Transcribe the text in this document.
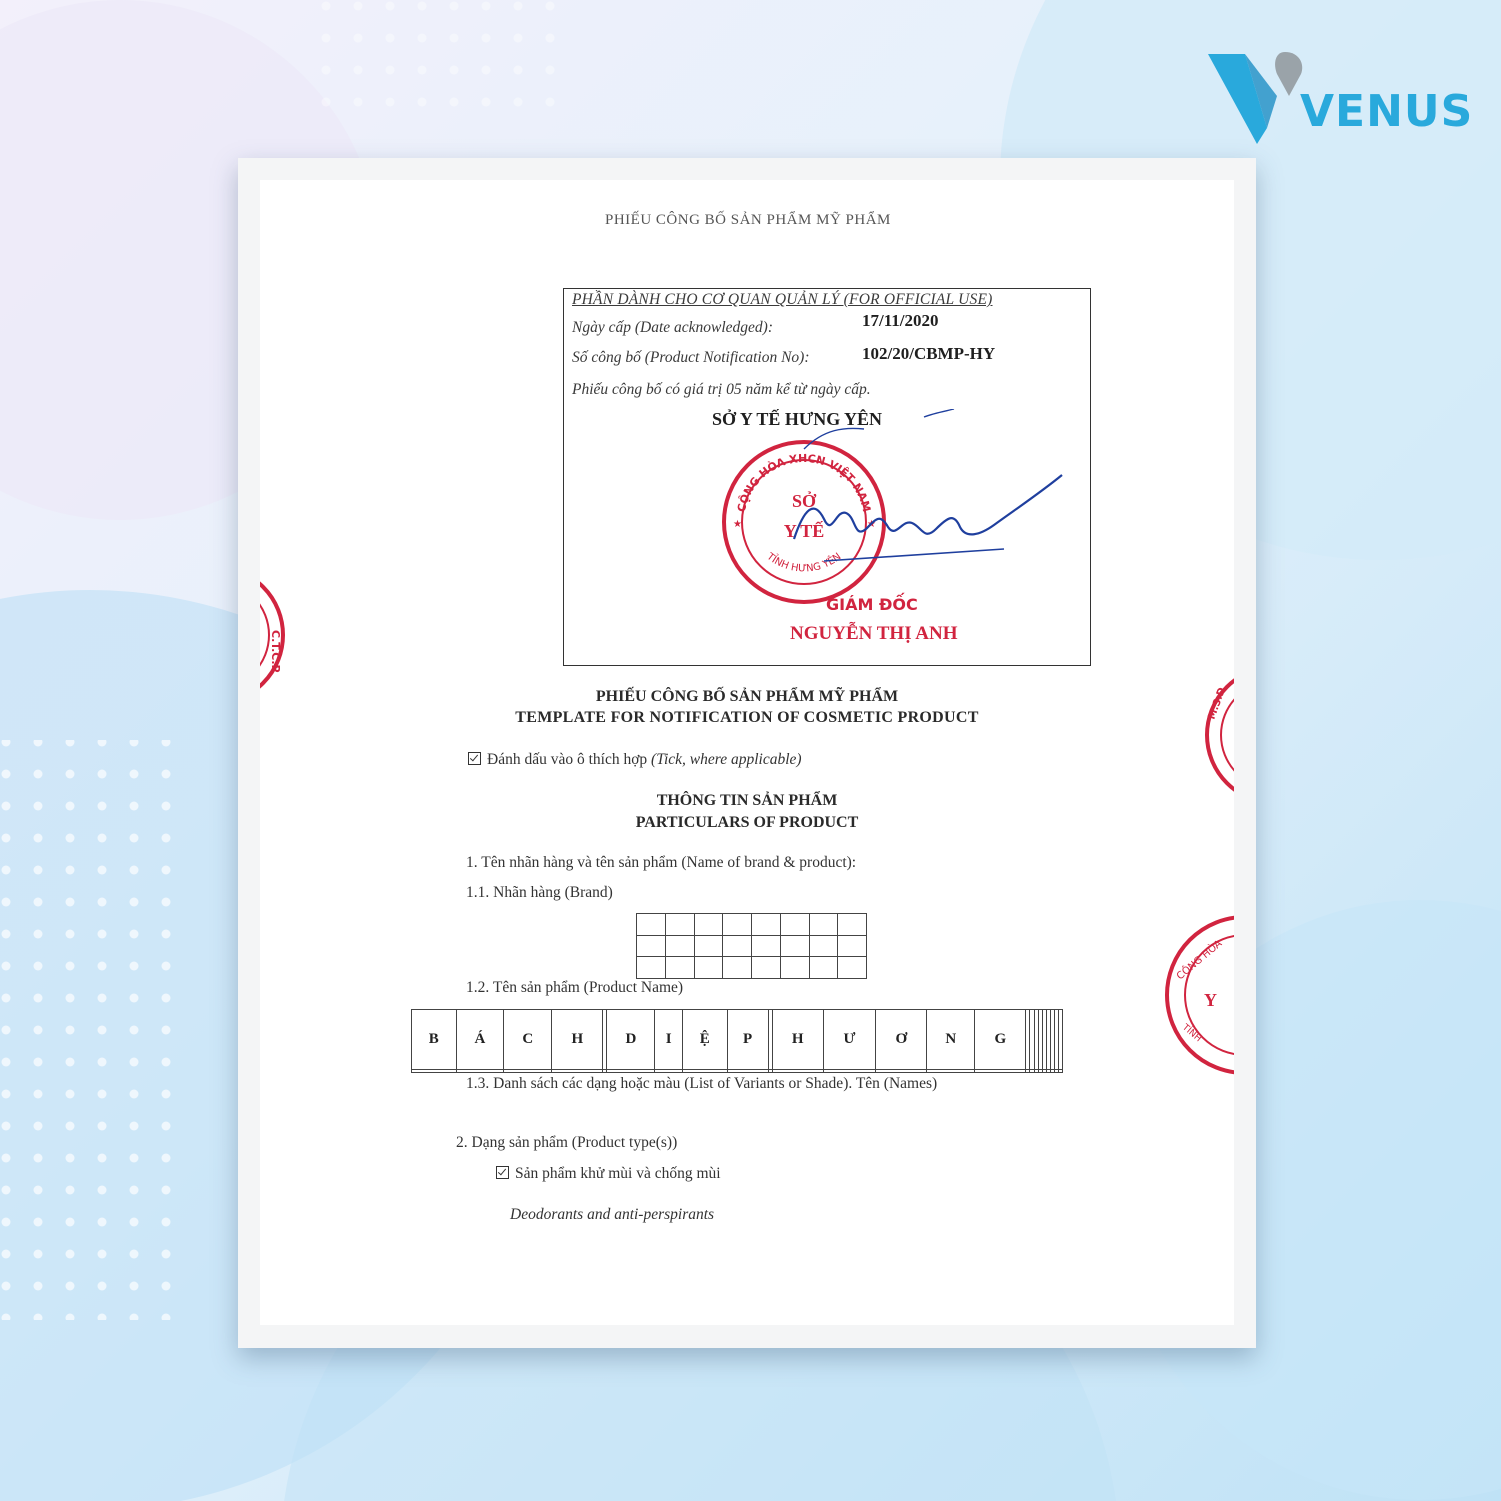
VENUS
PHIẾU CÔNG BỐ SẢN PHẨM MỸ PHẨM
PHẦN DÀNH CHO CƠ QUAN QUẢN LÝ (FOR OFFICIAL USE)
Ngày cấp (Date acknowledged):	17/11/2020
Số công bố (Product Notification No):	102/20/CBMP-HY
Phiếu công bố có giá trị 05 năm kể từ ngày cấp.
SỞ Y TẾ HƯNG YÊN
CỘNG HÒA XHCN VIỆT NAM
TỈNH HƯNG YÊN
SỞ
Y TẾ
★	★
GIÁM ĐỐC
NGUYỄN THỊ ANH
PHIẾU CÔNG BỐ SẢN PHẨM MỸ PHẨM
TEMPLATE FOR NOTIFICATION OF COSMETIC PRODUCT
Đánh dấu vào ô thích hợp (Tick, where applicable)
THÔNG TIN SẢN PHẨM
PARTICULARS OF PRODUCT
1. Tên nhãn hàng và tên sản phẩm (Name of brand & product):
1.1. Nhãn hàng (Brand)

1.2. Tên sản phẩm (Product Name)
B	Á	C	H		D	I	Ệ	P		H	Ư	Ơ	N	G									

1.3. Danh sách các dạng hoặc màu (List of Variants or Shade). Tên (Names)
2. Dạng sản phẩm (Product type(s))
Sản phẩm khử mùi và chống mùi
Deodorants and anti-perspirants
C.T.C.P
M.S.D
CỘNG HÒA
Y
TỈNH
